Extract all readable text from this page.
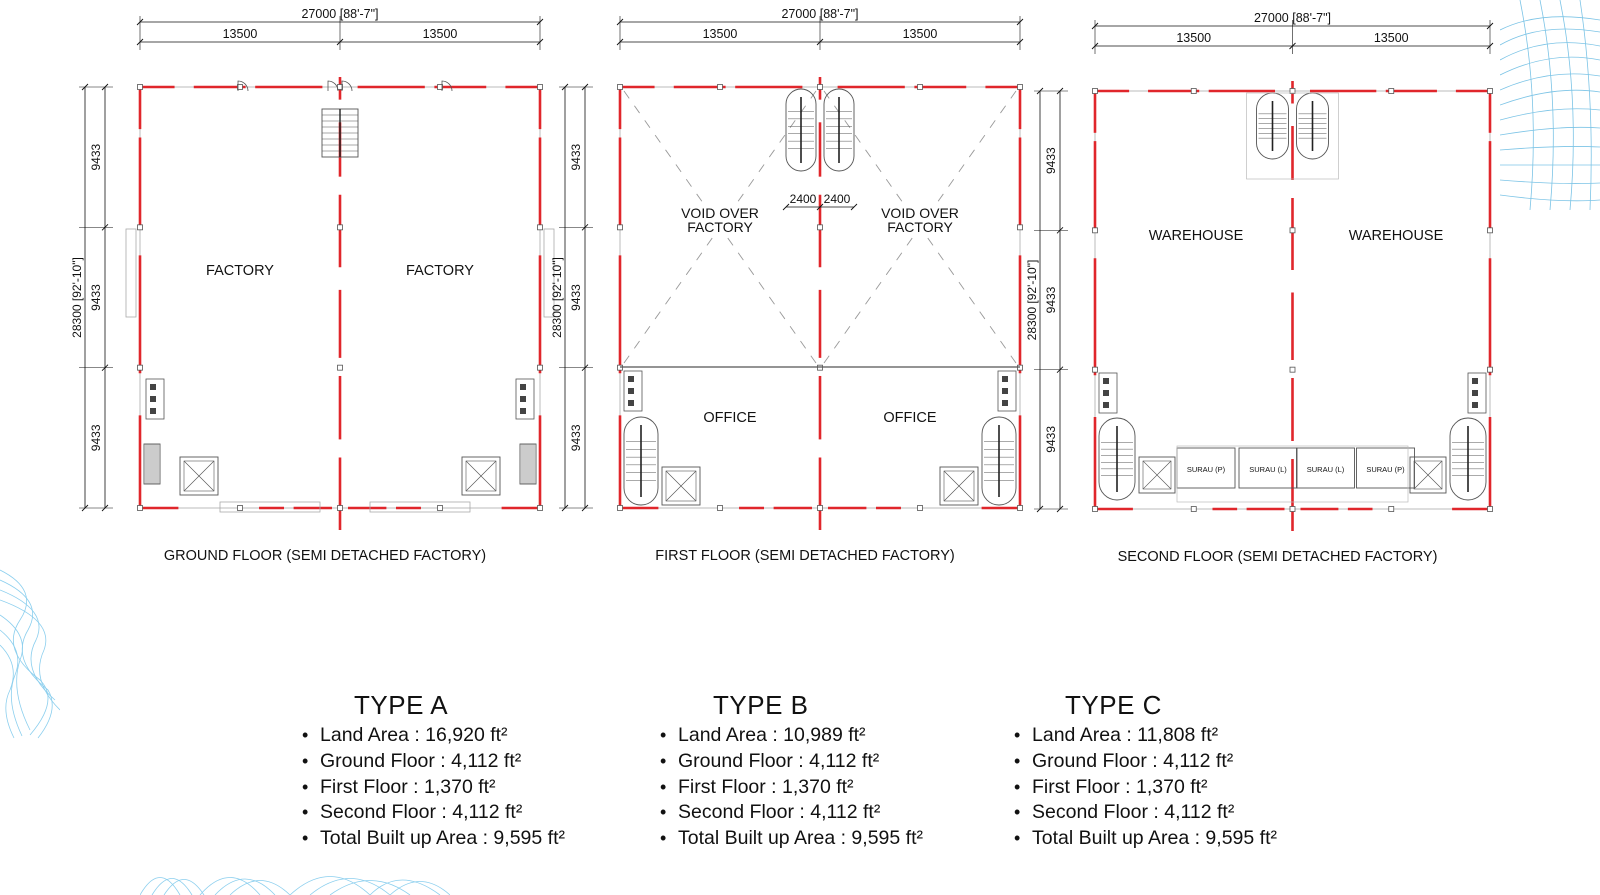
27000 [88'-7"]
13500	13500
28300 [92'-10"]
9433
9433
9433
GROUND FLOOR (SEMI DETACHED FACTORY)
FACTORY	FACTORY
27000 [88'-7"]
13500	13500
28300 [92'-10"]
9433
9433
9433
FIRST FLOOR (SEMI DETACHED FACTORY)
VOID OVER
FACTORY
VOID OVER
FACTORY
2400 2400
OFFICE	OFFICE
27000 [88'-7"]
13500	13500
28300 [92'-10"]
9433
9433
9433
SECOND FLOOR (SEMI DETACHED FACTORY)
WAREHOUSE	WAREHOUSE
SURAU (P)	SURAU (L)	SURAU (L)	SURAU (P)
TYPE A
• Land Area : 16,920 ft²
• Ground Floor : 4,112 ft²
• First Floor : 1,370 ft²
• Second Floor : 4,112 ft²
• Total Built up Area : 9,595 ft²
TYPE B
• Land Area : 10,989 ft²
• Ground Floor : 4,112 ft²
• First Floor : 1,370 ft²
• Second Floor : 4,112 ft²
• Total Built up Area : 9,595 ft²
TYPE C
• Land Area : 11,808 ft²
• Ground Floor : 4,112 ft²
• First Floor : 1,370 ft²
• Second Floor : 4,112 ft²
• Total Built up Area : 9,595 ft²
